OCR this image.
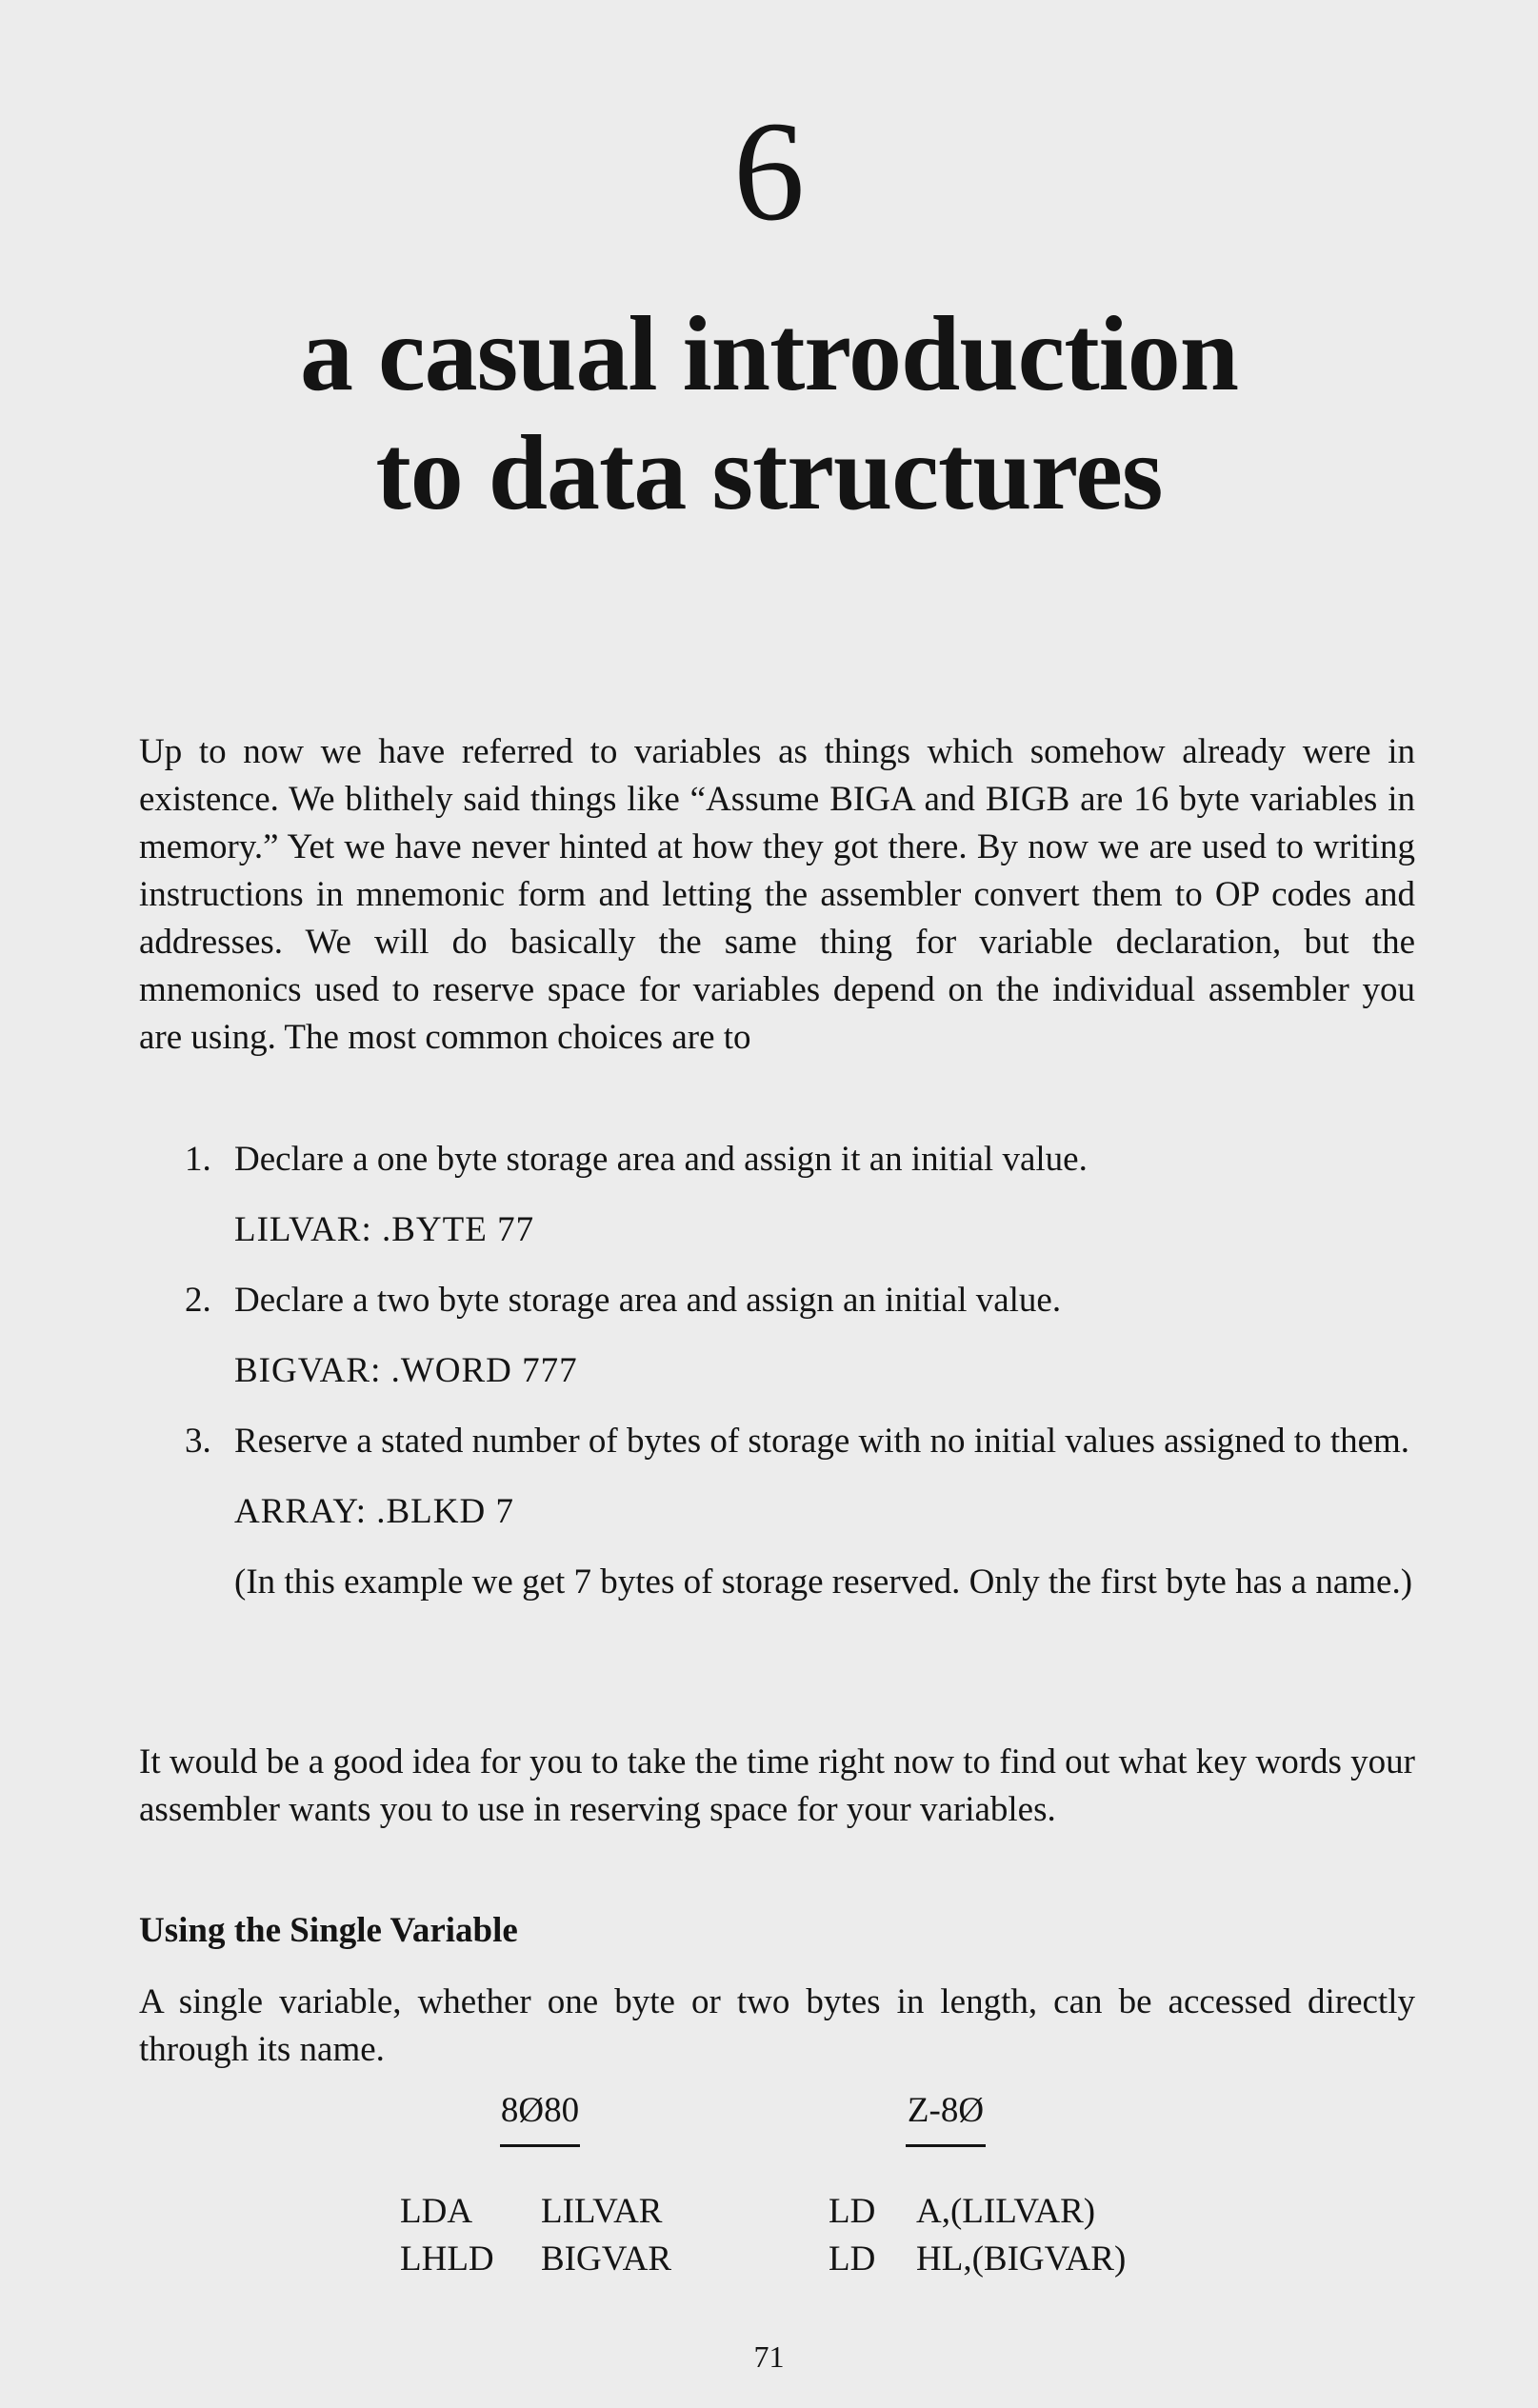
6
a casual introduction
to data structures

Up to now we have referred to variables as things which somehow already were in existence. We blithely said things like “Assume BIGA and BIGB are 16 byte variables in memory.” Yet we have never hinted at how they got there. By now we are used to writing instructions in mnemonic form and letting the assembler convert them to OP codes and addresses. We will do basically the same thing for variable declaration, but the mnemonics used to reserve space for variables depend on the individual assembler you are using. The most common choices are to

1. Declare a one byte storage area and assign it an initial value.
LILVAR: .BYTE 77
2. Declare a two byte storage area and assign an initial value.
BIGVAR: .WORD 777
3. Reserve a stated number of bytes of storage with no initial values assigned to them.
ARRAY: .BLKD 7
(In this example we get 7 bytes of storage reserved. Only the first byte has a name.)

It would be a good idea for you to take the time right now to find out what key words your assembler wants you to use in reserving space for your variables.

Using the Single Variable

A single variable, whether one byte or two bytes in length, can be accessed directly through its name.

8Ø80	Z-8Ø
LDA LILVAR	LD A,(LILVAR)
LHLD BIGVAR	LD HL,(BIGVAR)
71
